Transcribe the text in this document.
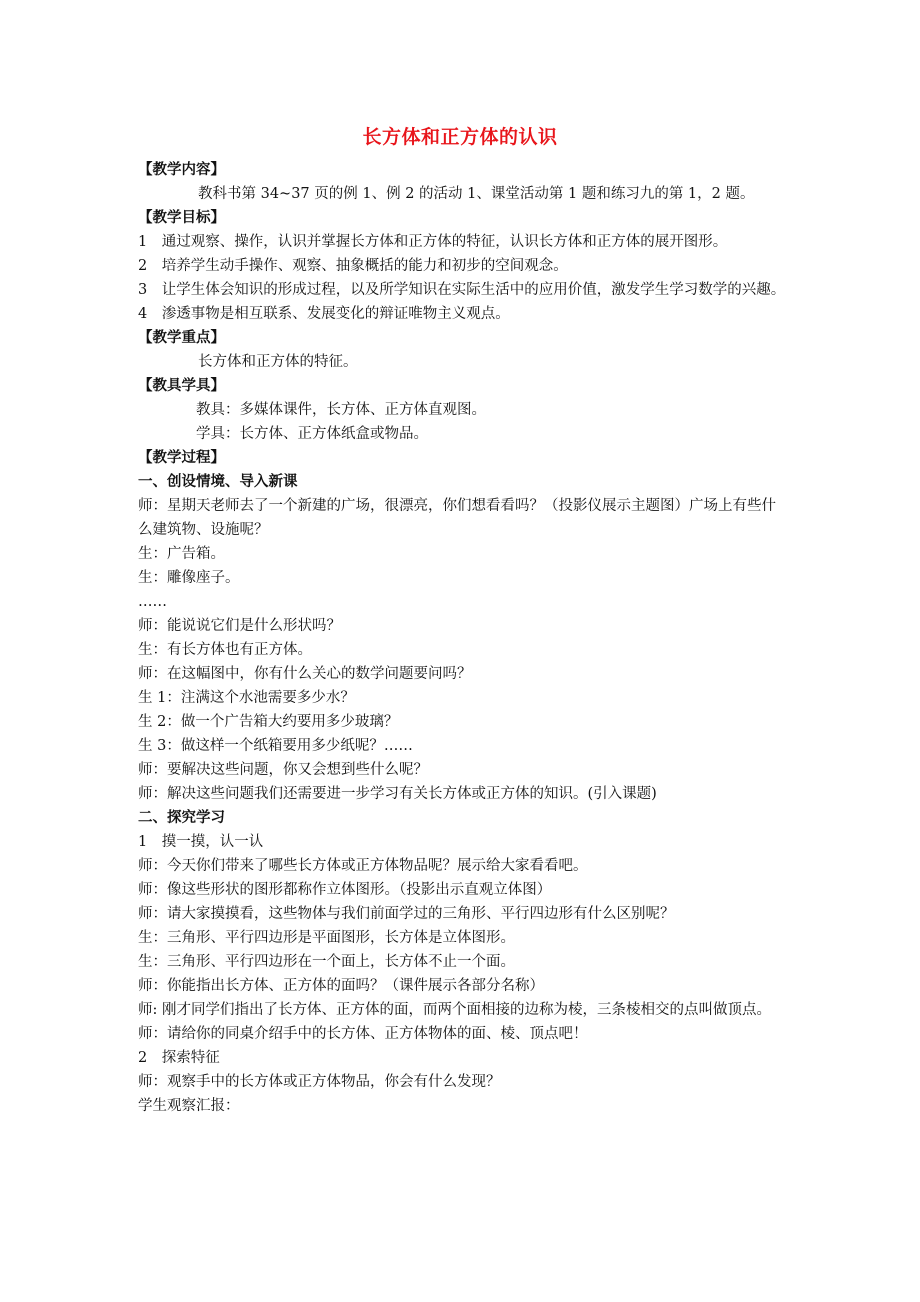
长方体和正方体的认识

【教学内容】

教科书第 34~37 页的例 1、例 2 的活动 1、课堂活动第 1 题和练习九的第 1，2 题。

【教学目标】

1　通过观察、操作，认识并掌握长方体和正方体的特征，认识长方体和正方体的展开图形。

2　培养学生动手操作、观察、抽象概括的能力和初步的空间观念。

3　让学生体会知识的形成过程，以及所学知识在实际生活中的应用价值，激发学生学习数学的兴趣。

4　渗透事物是相互联系、发展变化的辩证唯物主义观点。

【教学重点】

长方体和正方体的特征。

【教具学具】

教具：多媒体课件，长方体、正方体直观图。

学具：长方体、正方体纸盒或物品。

【教学过程】

一、创设情境、导入新课

师：星期天老师去了一个新建的广场，很漂亮，你们想看看吗？（投影仪展示主题图）广场上有些什么建筑物、设施呢？

生：广告箱。

生：雕像座子。

……

师：能说说它们是什么形状吗？

生：有长方体也有正方体。

师：在这幅图中，你有什么关心的数学问题要问吗？

生 1：注满这个水池需要多少水？

生 2：做一个广告箱大约要用多少玻璃？

生 3：做这样一个纸箱要用多少纸呢？……

师：要解决这些问题，你又会想到些什么呢？

师：解决这些问题我们还需要进一步学习有关长方体或正方体的知识。(引入课题)

二、探究学习

1　摸一摸，认一认

师：今天你们带来了哪些长方体或正方体物品呢？展示给大家看看吧。

师：像这些形状的图形都称作立体图形。（投影出示直观立体图）

师：请大家摸摸看，这些物体与我们前面学过的三角形、平行四边形有什么区别呢？

生：三角形、平行四边形是平面图形，长方体是立体图形。

生：三角形、平行四边形在一个面上，长方体不止一个面。

师：你能指出长方体、正方体的面吗？（课件展示各部分名称）

师: 刚才同学们指出了长方体、正方体的面，而两个面相接的边称为棱，三条棱相交的点叫做顶点。

师：请给你的同桌介绍手中的长方体、正方体物体的面、棱、顶点吧！

2　探索特征

师：观察手中的长方体或正方体物品，你会有什么发现？

学生观察汇报：
